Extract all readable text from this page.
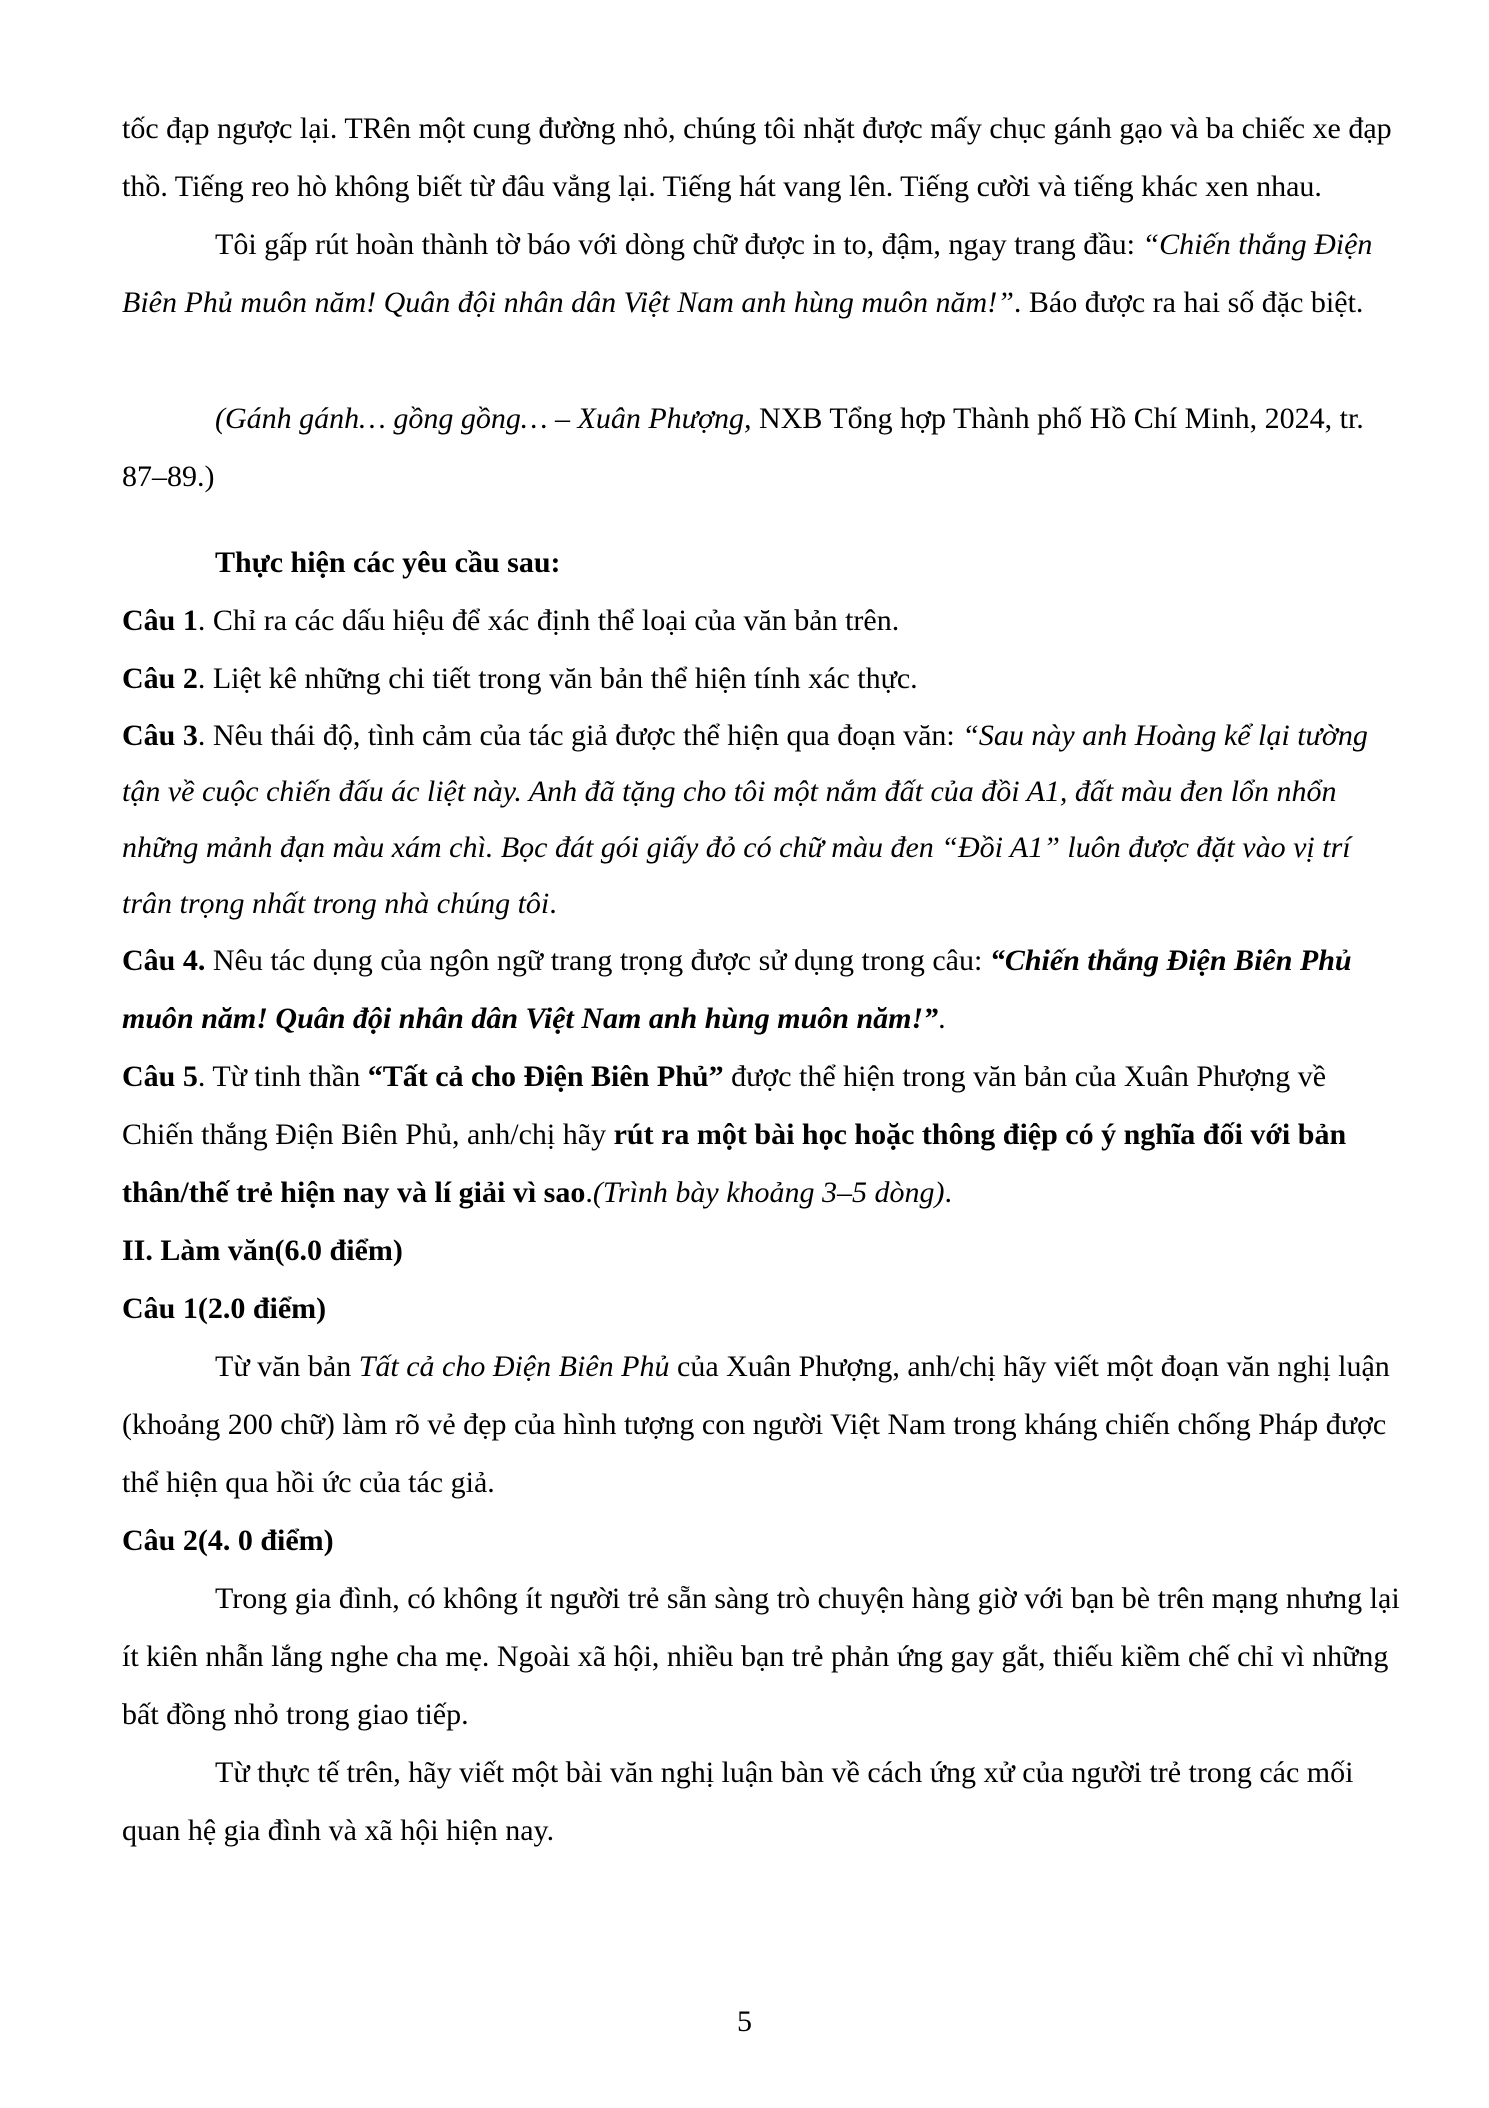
tốc đạp ngược lại. TRên một cung đường nhỏ, chúng tôi nhặt được mấy chục gánh gạo và ba chiếc xe đạp thồ. Tiếng reo hò không biết từ đâu vẳng lại. Tiếng hát vang lên. Tiếng cười và tiếng khác xen nhau.

Tôi gấp rút hoàn thành tờ báo với dòng chữ được in to, đậm, ngay trang đầu: “Chiến thắng Điện Biên Phủ muôn năm! Quân đội nhân dân Việt Nam anh hùng muôn năm!”. Báo được ra hai số đặc biệt.

(Gánh gánh… gồng gồng… – Xuân Phượng, NXB Tổng hợp Thành phố Hồ Chí Minh, 2024, tr. 87–89.)

Thực hiện các yêu cầu sau:

Câu 1. Chỉ ra các dấu hiệu để xác định thể loại của văn bản trên.

Câu 2. Liệt kê những chi tiết trong văn bản thể hiện tính xác thực.

Câu 3. Nêu thái độ, tình cảm của tác giả được thể hiện qua đoạn văn: “Sau này anh Hoàng kể lại tường tận về cuộc chiến đấu ác liệt này. Anh đã tặng cho tôi một nắm đất của đồi A1, đất màu đen lổn nhổn những mảnh đạn màu xám chì. Bọc đát gói giấy đỏ có chữ màu đen “Đồi A1” luôn được đặt vào vị trí trân trọng nhất trong nhà chúng tôi.

Câu 4. Nêu tác dụng của ngôn ngữ trang trọng được sử dụng trong câu: “Chiến thắng Điện Biên Phủ muôn năm! Quân đội nhân dân Việt Nam anh hùng muôn năm!”.

Câu 5. Từ tinh thần “Tất cả cho Điện Biên Phủ” được thể hiện trong văn bản của Xuân Phượng về Chiến thắng Điện Biên Phủ, anh/chị hãy rút ra một bài học hoặc thông điệp có ý nghĩa đối với bản thân/thế trẻ hiện nay và lí giải vì sao.(Trình bày khoảng 3–5 dòng).

II. Làm văn(6.0 điểm)

Câu 1(2.0 điểm)

Từ văn bản Tất cả cho Điện Biên Phủ của Xuân Phượng, anh/chị hãy viết một đoạn văn nghị luận (khoảng 200 chữ) làm rõ vẻ đẹp của hình tượng con người Việt Nam trong kháng chiến chống Pháp được thể hiện qua hồi ức của tác giả.

Câu 2(4. 0 điểm)

Trong gia đình, có không ít người trẻ sẵn sàng trò chuyện hàng giờ với bạn bè trên mạng nhưng lại ít kiên nhẫn lắng nghe cha mẹ. Ngoài xã hội, nhiều bạn trẻ phản ứng gay gắt, thiếu kiềm chế chỉ vì những bất đồng nhỏ trong giao tiếp.

Từ thực tế trên, hãy viết một bài văn nghị luận bàn về cách ứng xử của người trẻ trong các mối quan hệ gia đình và xã hội hiện nay.

5
